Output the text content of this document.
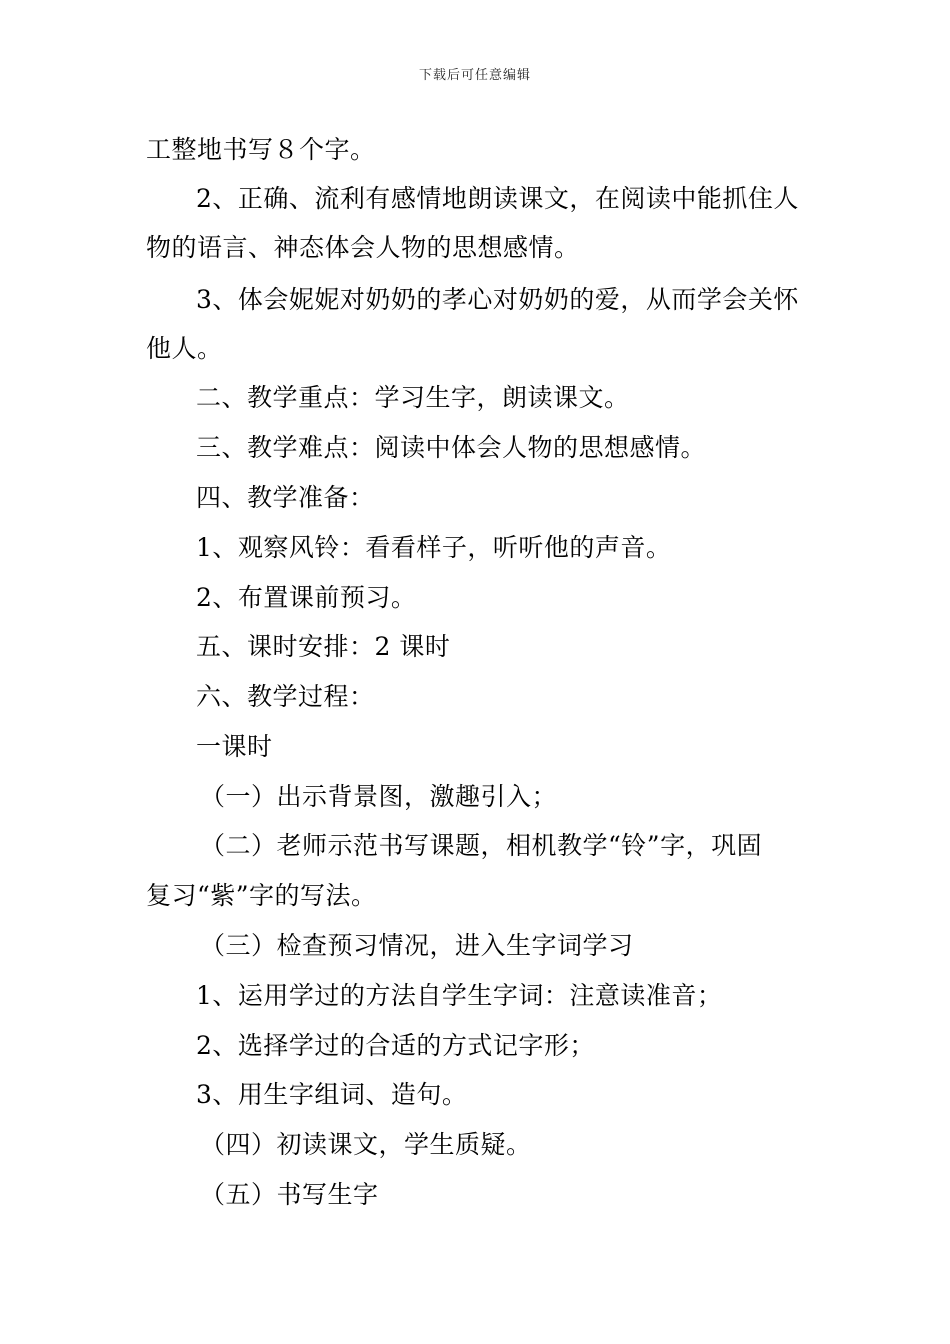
下载后可任意编辑
工整地书写８个字。
2、正确、流利有感情地朗读课文，在阅读中能抓住人
物的语言、神态体会人物的思想感情。
3、体会妮妮对奶奶的孝心对奶奶的爱，从而学会关怀
他人。
二、教学重点：学习生字，朗读课文。
三、教学难点：阅读中体会人物的思想感情。
四、教学准备：
1、观察风铃：看看样子，听听他的声音。
2、布置课前预习。
五、课时安排：2 课时
六、教学过程：
一课时
（一）出示背景图，激趣引入；
（二）老师示范书写课题，相机教学“铃”字，巩固
复习“紫”字的写法。
（三）检查预习情况，进入生字词学习
1、运用学过的方法自学生字词：注意读准音；
2、选择学过的合适的方式记字形；
3、用生字组词、造句。
（四）初读课文，学生质疑。
（五）书写生字
